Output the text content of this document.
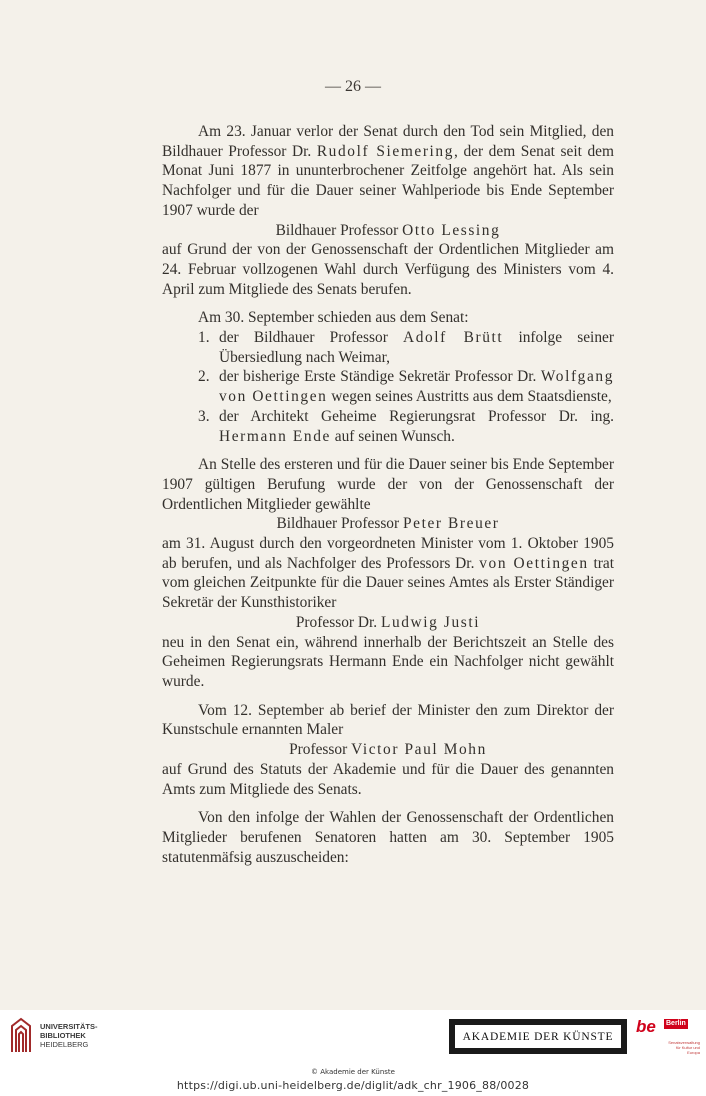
— 26 —

Am 23. Januar verlor der Senat durch den Tod sein Mitglied, den Bildhauer Professor Dr. Rudolf Siemering, der dem Senat seit dem Monat Juni 1877 in ununterbrochener Zeitfolge angehört hat. Als sein Nachfolger und für die Dauer seiner Wahlperiode bis Ende September 1907 wurde der

Bildhauer Professor Otto Lessing

auf Grund der von der Genossenschaft der Ordentlichen Mitglieder am 24. Februar vollzogenen Wahl durch Verfügung des Ministers vom 4. April zum Mitgliede des Senats berufen.

Am 30. September schieden aus dem Senat:

1. der Bildhauer Professor Adolf Brütt infolge seiner Übersiedlung nach Weimar,
2. der bisherige Erste Ständige Sekretär Professor Dr. Wolfgang von Oettingen wegen seines Austritts aus dem Staatsdienste,
3. der Architekt Geheime Regierungsrat Professor Dr. ing. Hermann Ende auf seinen Wunsch.

An Stelle des ersteren und für die Dauer seiner bis Ende September 1907 gültigen Berufung wurde der von der Genossenschaft der Ordentlichen Mitglieder gewählte

Bildhauer Professor Peter Breuer

am 31. August durch den vorgeordneten Minister vom 1. Oktober 1905 ab berufen, und als Nachfolger des Professors Dr. von Oettingen trat vom gleichen Zeitpunkte für die Dauer seines Amtes als Erster Ständiger Sekretär der Kunsthistoriker

Professor Dr. Ludwig Justi

neu in den Senat ein, während innerhalb der Berichtszeit an Stelle des Geheimen Regierungsrats Hermann Ende ein Nachfolger nicht gewählt wurde.

Vom 12. September ab berief der Minister den zum Direktor der Kunstschule ernannten Maler

Professor Victor Paul Mohn

auf Grund des Statuts der Akademie und für die Dauer des genannten Amts zum Mitgliede des Senats.

Von den infolge der Wahlen der Genossenschaft der Ordentlichen Mitglieder berufenen Senatoren hatten am 30. September 1905 statutenmäfsig auszuscheiden:

UNIVERSITÄTS-
BIBLIOTHEK
HEIDELBERG
AKADEMIE DER KÜNSTE
be Berlin
Senatsverwaltung
für Kultur und Europa
© Akademie der Künste
https://digi.ub.uni-heidelberg.de/diglit/adk_chr_1906_88/0028
